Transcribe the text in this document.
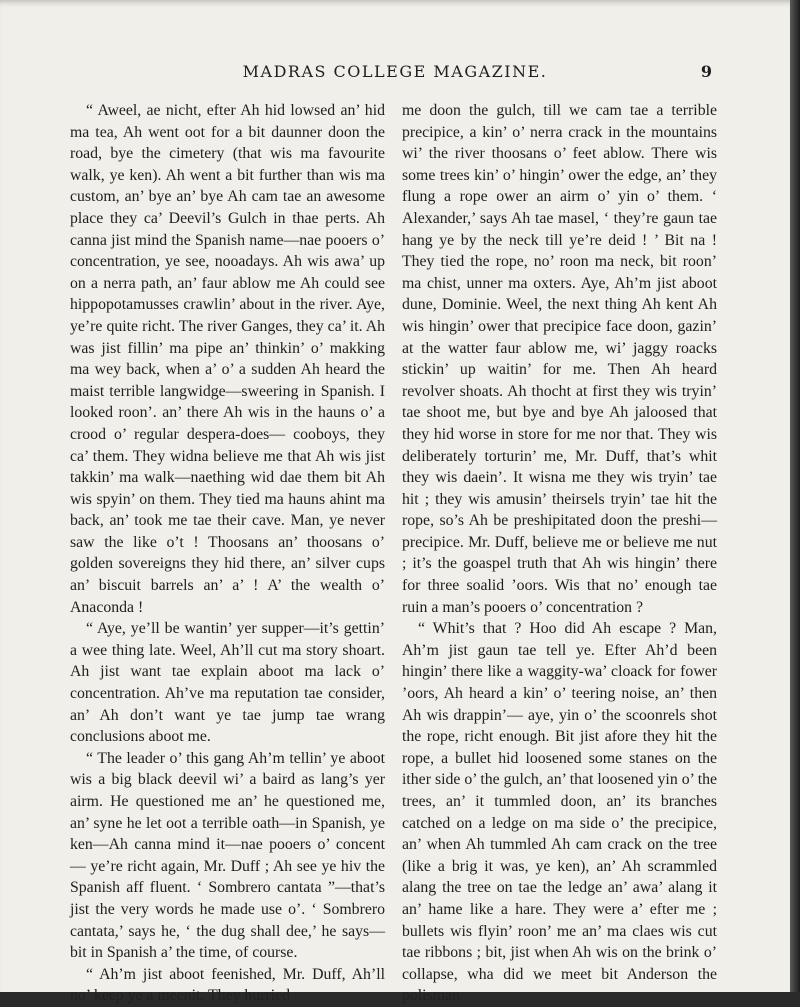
MADRAS COLLEGE MAGAZINE.	9

“ Aweel, ae nicht, efter Ah hid lowsed an’ hid ma tea, Ah went oot for a bit daunner doon the road, bye the cimetery (that wis ma favourite walk, ye ken). Ah went a bit further than wis ma custom, an’ bye an’ bye Ah cam tae an awesome place they ca’ Deevil’s Gulch in thae perts. Ah canna jist mind the Spanish name—nae pooers o’ concentration, ye see, nooadays. Ah wis awa’ up on a nerra path, an’ faur ablow me Ah could see hippopotamusses crawlin’ about in the river. Aye, ye’re quite richt. The river Ganges, they ca’ it. Ah was jist fillin’ ma pipe an’ thinkin’ o’ makking ma wey back, when a’ o’ a sudden Ah heard the maist terrible langwidge—sweering in Spanish. I looked roon’. an’ there Ah wis in the hauns o’ a crood o’ regular despera-does— cooboys, they ca’ them. They widna believe me that Ah wis jist takkin’ ma walk—naething wid dae them bit Ah wis spyin’ on them. They tied ma hauns ahint ma back, an’ took me tae their cave. Man, ye never saw the like o’t ! Thoosans an’ thoosans o’ golden sovereigns they hid there, an’ silver cups an’ biscuit barrels an’ a’ ! A’ the wealth o’ Anaconda !

“ Aye, ye’ll be wantin’ yer supper—it’s gettin’ a wee thing late. Weel, Ah’ll cut ma story shoart. Ah jist want tae explain aboot ma lack o’ concentration. Ah’ve ma reputation tae consider, an’ Ah don’t want ye tae jump tae wrang conclusions aboot me.

“ The leader o’ this gang Ah’m tellin’ ye aboot wis a big black deevil wi’ a baird as lang’s yer airm. He questioned me an’ he questioned me, an’ syne he let oot a terrible oath—in Spanish, ye ken—Ah canna mind it—nae pooers o’ concent— ye’re richt again, Mr. Duff ; Ah see ye hiv the Spanish aff fluent. ‘ Sombrero cantata ”—that’s jist the very words he made use o’. ‘ Sombrero cantata,’ says he, ‘ the dug shall dee,’ he says—bit in Spanish a’ the time, of course.

“ Ah’m jist aboot feenished, Mr. Duff, Ah’ll no’ keep ye a meenit. They hurried

me doon the gulch, till we cam tae a terrible precipice, a kin’ o’ nerra crack in the mountains wi’ the river thoosans o’ feet ablow. There wis some trees kin’ o’ hingin’ ower the edge, an’ they flung a rope ower an airm o’ yin o’ them. ‘ Alexander,’ says Ah tae masel, ‘ they’re gaun tae hang ye by the neck till ye’re deid ! ’ Bit na ! They tied the rope, no’ roon ma neck, bit roon’ ma chist, unner ma oxters. Aye, Ah’m jist aboot dune, Dominie. Weel, the next thing Ah kent Ah wis hingin’ ower that precipice face doon, gazin’ at the watter faur ablow me, wi’ jaggy roacks stickin’ up waitin’ for me. Then Ah heard revolver shoats. Ah thocht at first they wis tryin’ tae shoot me, but bye and bye Ah jaloosed that they hid worse in store for me nor that. They wis deliberately torturin’ me, Mr. Duff, that’s whit they wis daein’. It wisna me they wis tryin’ tae hit ; they wis amusin’ theirsels tryin’ tae hit the rope, so’s Ah be preshipitated doon the preshi— precipice. Mr. Duff, believe me or believe me nut ; it’s the goaspel truth that Ah wis hingin’ there for three soalid ’oors. Wis that no’ enough tae ruin a man’s pooers o’ concentration ?

“ Whit’s that ? Hoo did Ah escape ? Man, Ah’m jist gaun tae tell ye. Efter Ah’d been hingin’ there like a waggity-wa’ cloack for fower ’oors, Ah heard a kin’ o’ teering noise, an’ then Ah wis drappin’— aye, yin o’ the scoonrels shot the rope, richt enough. Bit jist afore they hit the rope, a bullet hid loosened some stanes on the ither side o’ the gulch, an’ that loosened yin o’ the trees, an’ it tummled doon, an’ its branches catched on a ledge on ma side o’ the precipice, an’ when Ah tummled Ah cam crack on the tree (like a brig it was, ye ken), an’ Ah scrammled alang the tree on tae the ledge an’ awa’ alang it an’ hame like a hare. They were a’ efter me ; bullets wis flyin’ roon’ me an’ ma claes wis cut tae ribbons ; bit, jist when Ah wis on the brink o’ collapse, wha did we meet bit Anderson the polisman
